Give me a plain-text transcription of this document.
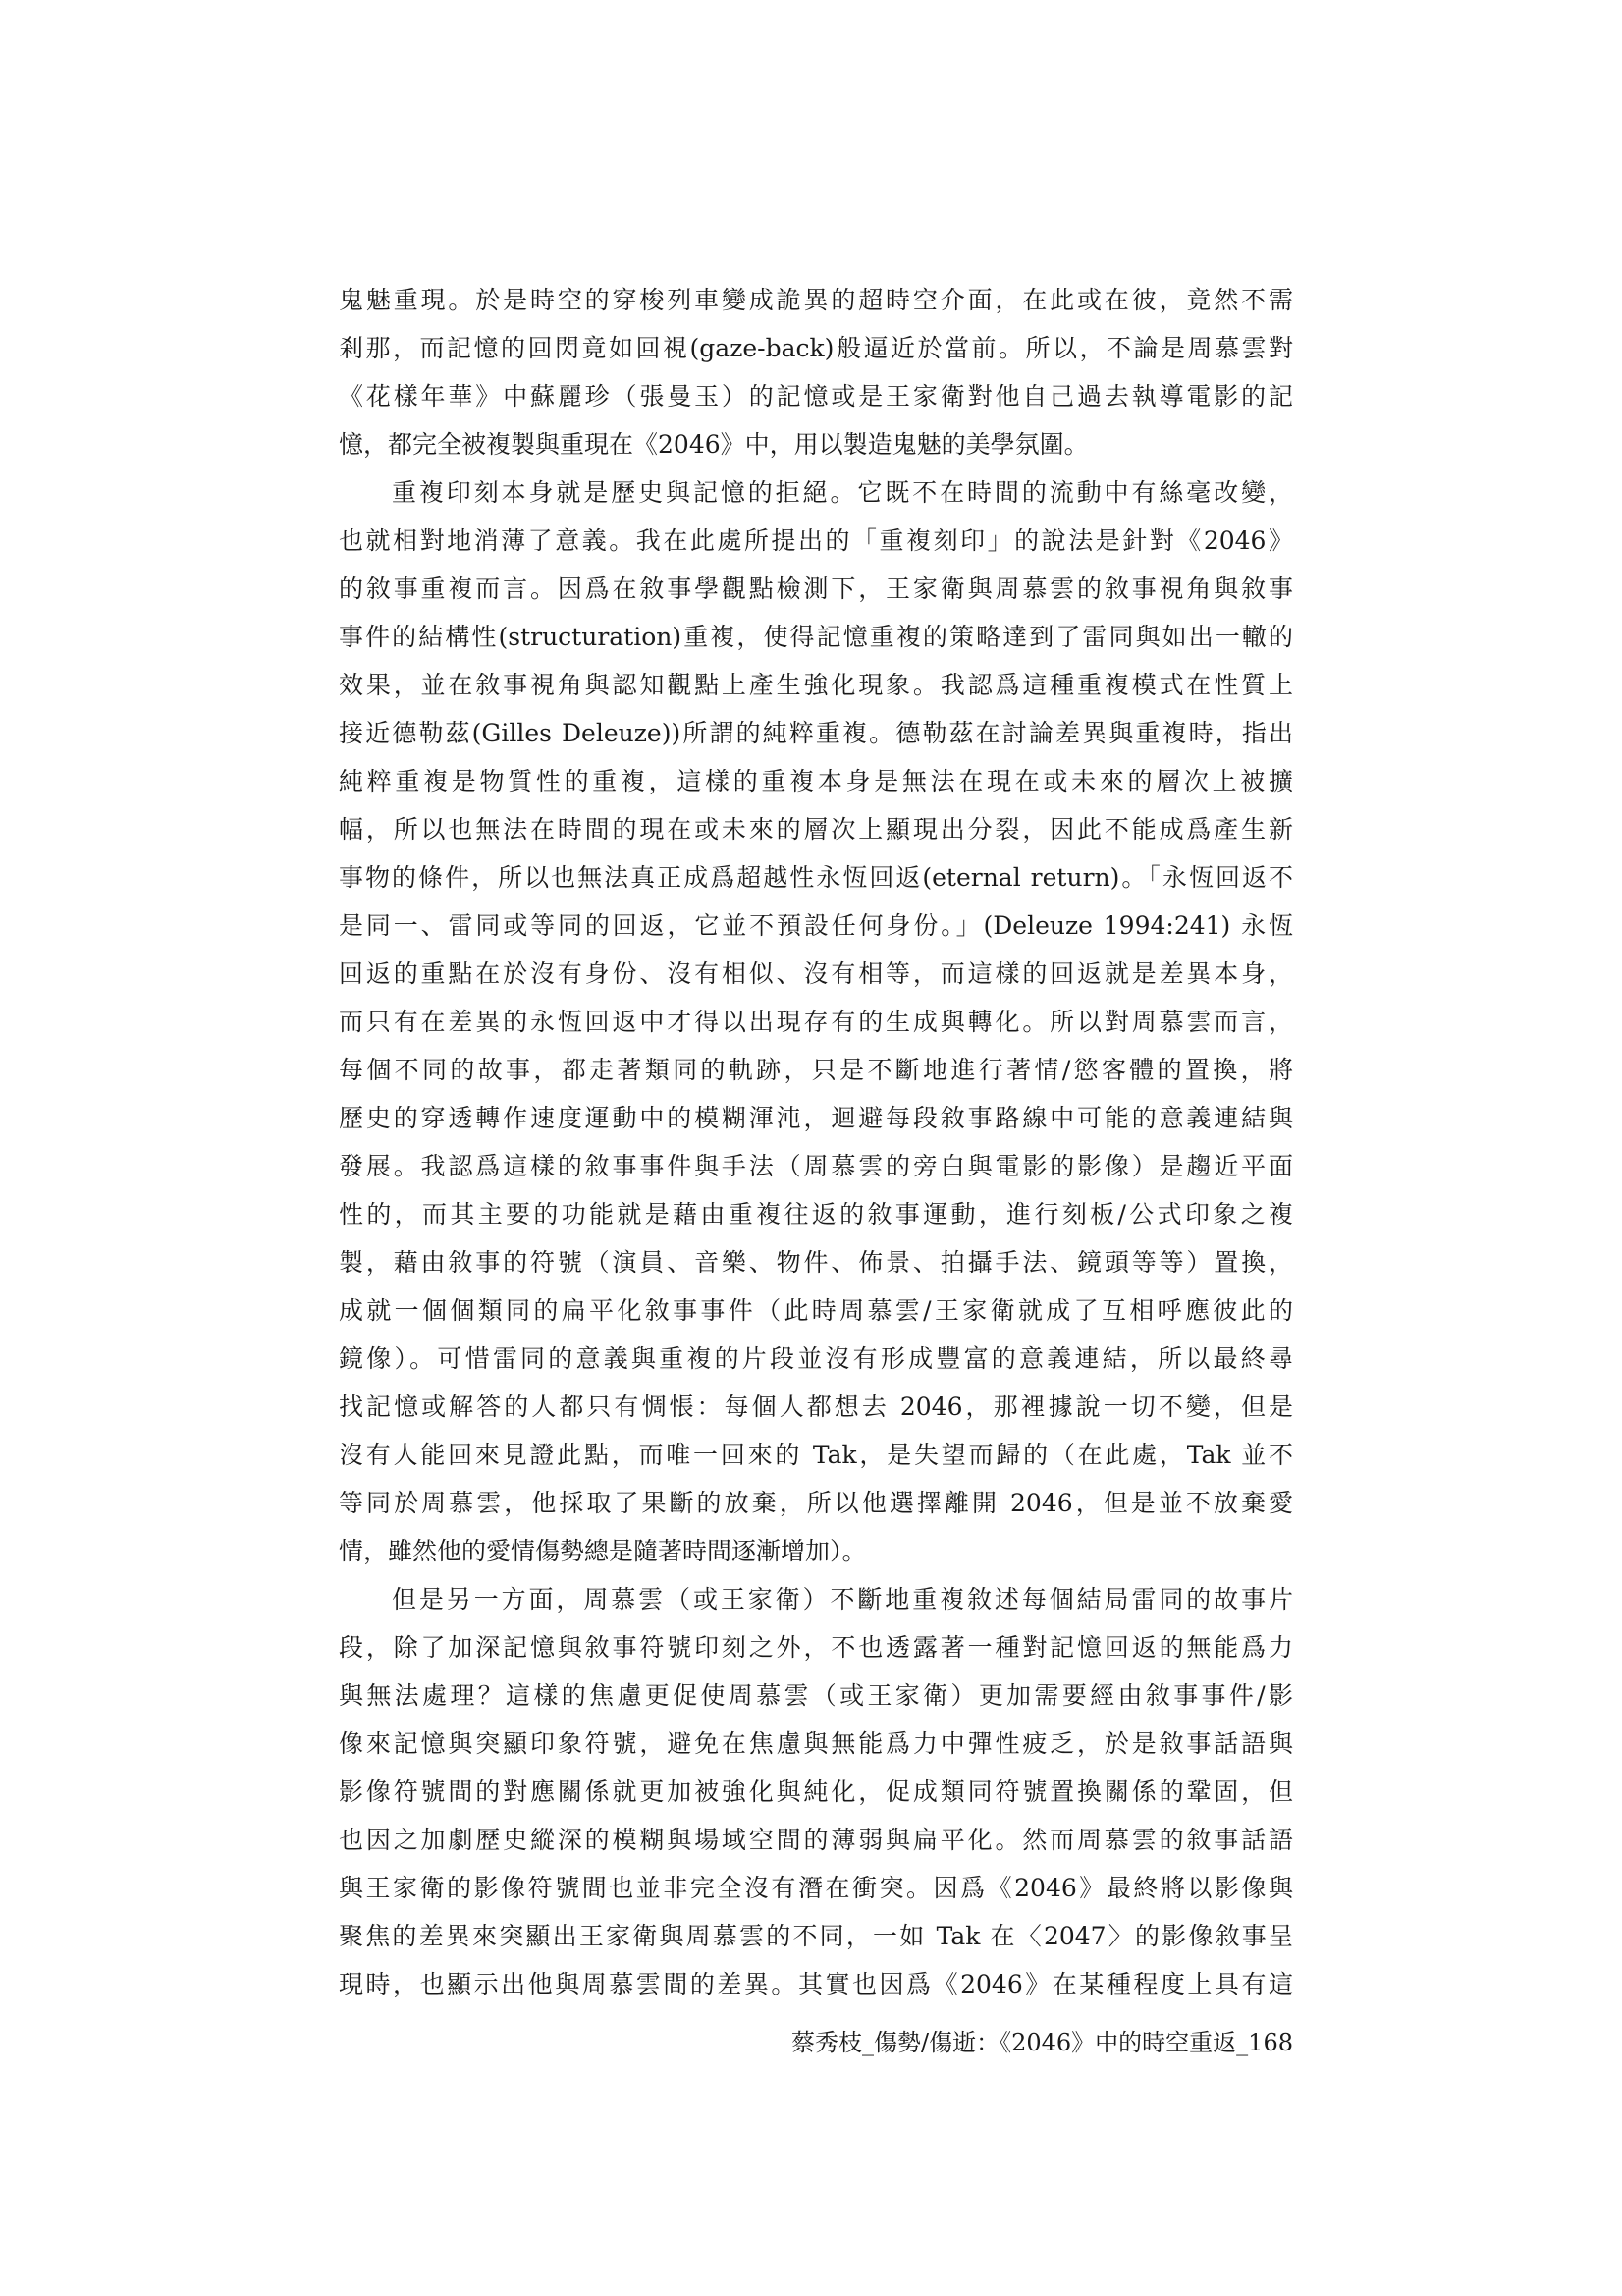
鬼魅重現。於是時空的穿梭列車變成詭異的超時空介面，在此或在彼，竟然不需
剎那，而記憶的回閃竟如回視(gaze-back)般逼近於當前。所以，不論是周慕雲對
《花樣年華》中蘇麗珍（張曼玉）的記憶或是王家衛對他自己過去執導電影的記
憶，都完全被複製與重現在《2046》中，用以製造鬼魅的美學氛圍。
重複印刻本身就是歷史與記憶的拒絕。它既不在時間的流動中有絲毫改變，
也就相對地消薄了意義。我在此處所提出的「重複刻印」的說法是針對《2046》
的敘事重複而言。因爲在敘事學觀點檢測下，王家衛與周慕雲的敘事視角與敘事
事件的結構性(structuration)重複，使得記憶重複的策略達到了雷同與如出一轍的
效果，並在敘事視角與認知觀點上產生強化現象。我認爲這種重複模式在性質上
接近德勒茲(Gilles Deleuze))所謂的純粹重複。德勒茲在討論差異與重複時，指出
純粹重複是物質性的重複，這樣的重複本身是無法在現在或未來的層次上被擴
幅，所以也無法在時間的現在或未來的層次上顯現出分裂，因此不能成爲產生新
事物的條件，所以也無法真正成爲超越性永恆回返(eternal return)。「永恆回返不
是同一、雷同或等同的回返，它並不預設任何身份。」(Deleuze 1994:241) 永恆
回返的重點在於沒有身份、沒有相似、沒有相等，而這樣的回返就是差異本身，
而只有在差異的永恆回返中才得以出現存有的生成與轉化。所以對周慕雲而言，
每個不同的故事，都走著類同的軌跡，只是不斷地進行著情/慾客體的置換，將
歷史的穿透轉作速度運動中的模糊渾沌，迴避每段敘事路線中可能的意義連結與
發展。我認爲這樣的敘事事件與手法（周慕雲的旁白與電影的影像）是趨近平面
性的，而其主要的功能就是藉由重複往返的敘事運動，進行刻板/公式印象之複
製，藉由敘事的符號（演員、音樂、物件、佈景、拍攝手法、鏡頭等等）置換，
成就一個個類同的扁平化敘事事件（此時周慕雲/王家衛就成了互相呼應彼此的
鏡像）。可惜雷同的意義與重複的片段並沒有形成豐富的意義連結，所以最終尋
找記憶或解答的人都只有惆悵：每個人都想去 2046，那裡據說一切不變，但是
沒有人能回來見證此點，而唯一回來的 Tak，是失望而歸的（在此處，Tak 並不
等同於周慕雲，他採取了果斷的放棄，所以他選擇離開 2046，但是並不放棄愛
情，雖然他的愛情傷勢總是隨著時間逐漸增加）。
但是另一方面，周慕雲（或王家衛）不斷地重複敘述每個結局雷同的故事片
段，除了加深記憶與敘事符號印刻之外，不也透露著一種對記憶回返的無能爲力
與無法處理？這樣的焦慮更促使周慕雲（或王家衛）更加需要經由敘事事件/影
像來記憶與突顯印象符號，避免在焦慮與無能爲力中彈性疲乏，於是敘事話語與
影像符號間的對應關係就更加被強化與純化，促成類同符號置換關係的鞏固，但
也因之加劇歷史縱深的模糊與場域空間的薄弱與扁平化。然而周慕雲的敘事話語
與王家衛的影像符號間也並非完全沒有潛在衝突。因爲《2046》最終將以影像與
聚焦的差異來突顯出王家衛與周慕雲的不同，一如 Tak 在〈2047〉的影像敘事呈
現時，也顯示出他與周慕雲間的差異。其實也因爲《2046》在某種程度上具有這
蔡秀枝_傷勢/傷逝：《2046》中的時空重返_168
